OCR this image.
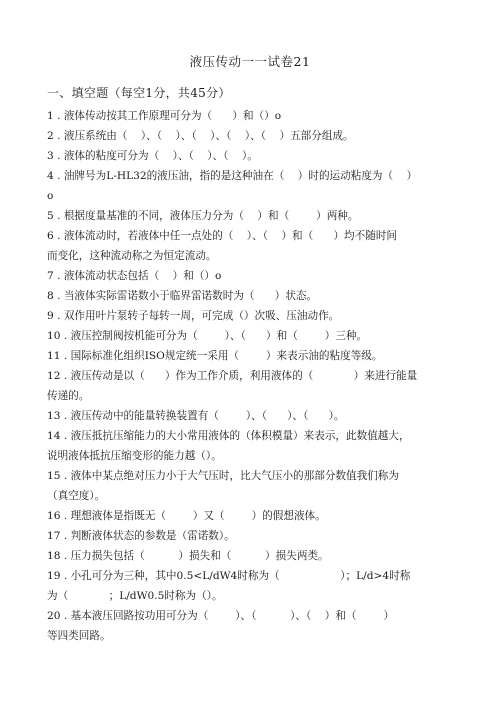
液压传动一一试卷21
一、填空题（每空1分，共45分）
1 . 液体传动按其工作原理可分为（      ）和（）o
2 . 液压系统由（    ）、（    ）、（    ）、（    ）、（    ）五部分组成。
3 . 液体的粘度可分为（    ）、（    ）、（    ）。
4 . 油牌号为L-HL32的液压油，指的是这种油在（    ）时的运动粘度为（    ）
o
5 . 根据度量基准的不同，液体压力分为（    ）和（        ）两种。
6 . 液体流动时，若液体中任一点处的（    ）、（    ）和（      ）均不随时间
而变化，这种流动称之为恒定流动。
7 . 液体流动状态包括（    ）和（）o
8 . 当液体实际雷诺数小于临界雷诺数时为（      ）状态。
9 . 双作用叶片泵转子每转一周，可完成（）次吸、压油动作。
10 . 液压控制阀按机能可分为（        ）、（      ）和（        ）三种。
11 . 国际标准化组织ISO规定统一采用（        ）来表示油的粘度等级。
12 . 液压传动是以（      ）作为工作介质，利用液体的（            ）来进行能量
传递的。
13 . 液压传动中的能量转换装置有（        ）、（      ）、（      ）。
14 . 液压抵抗压缩能力的大小常用液体的（体积模量）来表示，此数值越大，
说明液体抵抗压缩变形的能力越（）。
15 . 液体中某点绝对压力小于大气压时，比大气压小的那部分数值我们称为
（真空度）。
16 . 理想液体是指既无（        ）又（        ）的假想液体。
17 . 判断液体状态的参数是（雷诺数）。
18 . 压力损失包括（          ）损失和（          ）损失两类。
19 . 小孔可分为三种，其中0.5<L/dW4时称为（                  ）；L/d>4时称
为（            ；L/dW0.5时称为（）。
20 . 基本液压回路按功用可分为（        ）、（          ）、（    ）和（        ）
等四类回路。
